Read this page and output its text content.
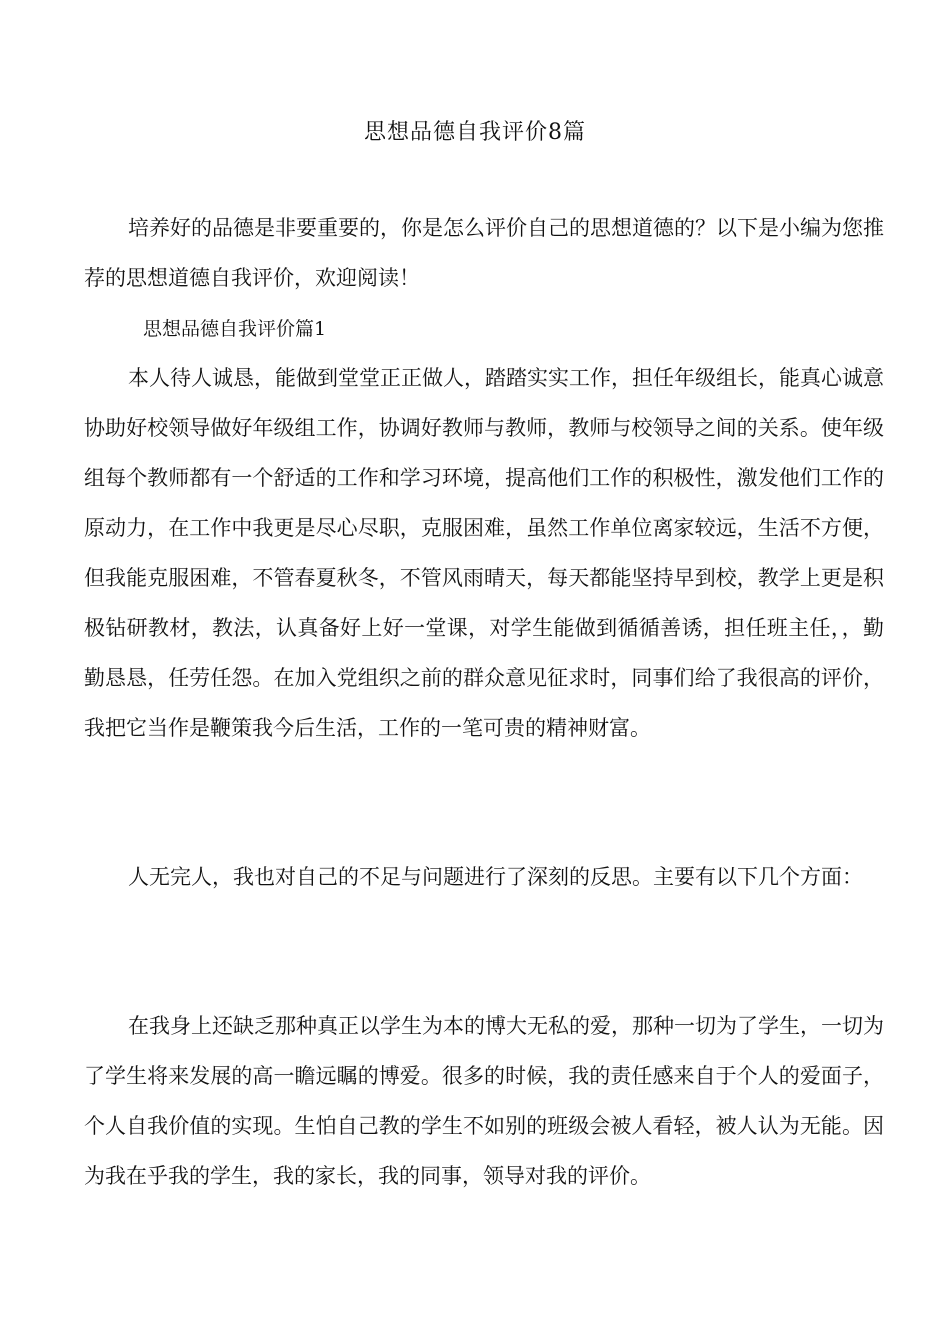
思想品德自我评价8篇

培养好的品德是非要重要的，你是怎么评价自己的思想道德的？以下是小编为您推荐的思想道德自我评价，欢迎阅读！

思想品德自我评价篇1

本人待人诚恳，能做到堂堂正正做人，踏踏实实工作，担任年级组长，能真心诚意协助好校领导做好年级组工作，协调好教师与教师，教师与校领导之间的关系。使年级组每个教师都有一个舒适的工作和学习环境，提高他们工作的积极性，激发他们工作的原动力，在工作中我更是尽心尽职，克服困难，虽然工作单位离家较远，生活不方便，但我能克服困难，不管春夏秋冬，不管风雨晴天，每天都能坚持早到校，教学上更是积极钻研教材，教法，认真备好上好一堂课，对学生能做到循循善诱，担任班主任，，勤勤恳恳，任劳任怨。在加入党组织之前的群众意见征求时，同事们给了我很高的评价，我把它当作是鞭策我今后生活，工作的一笔可贵的精神财富。

人无完人，我也对自己的不足与问题进行了深刻的反思。主要有以下几个方面：

在我身上还缺乏那种真正以学生为本的博大无私的爱，那种一切为了学生，一切为了学生将来发展的高一瞻远瞩的博爱。很多的时候，我的责任感来自于个人的爱面子，个人自我价值的实现。生怕自己教的学生不如别的班级会被人看轻，被人认为无能。因为我在乎我的学生，我的家长，我的同事，领导对我的评价。
